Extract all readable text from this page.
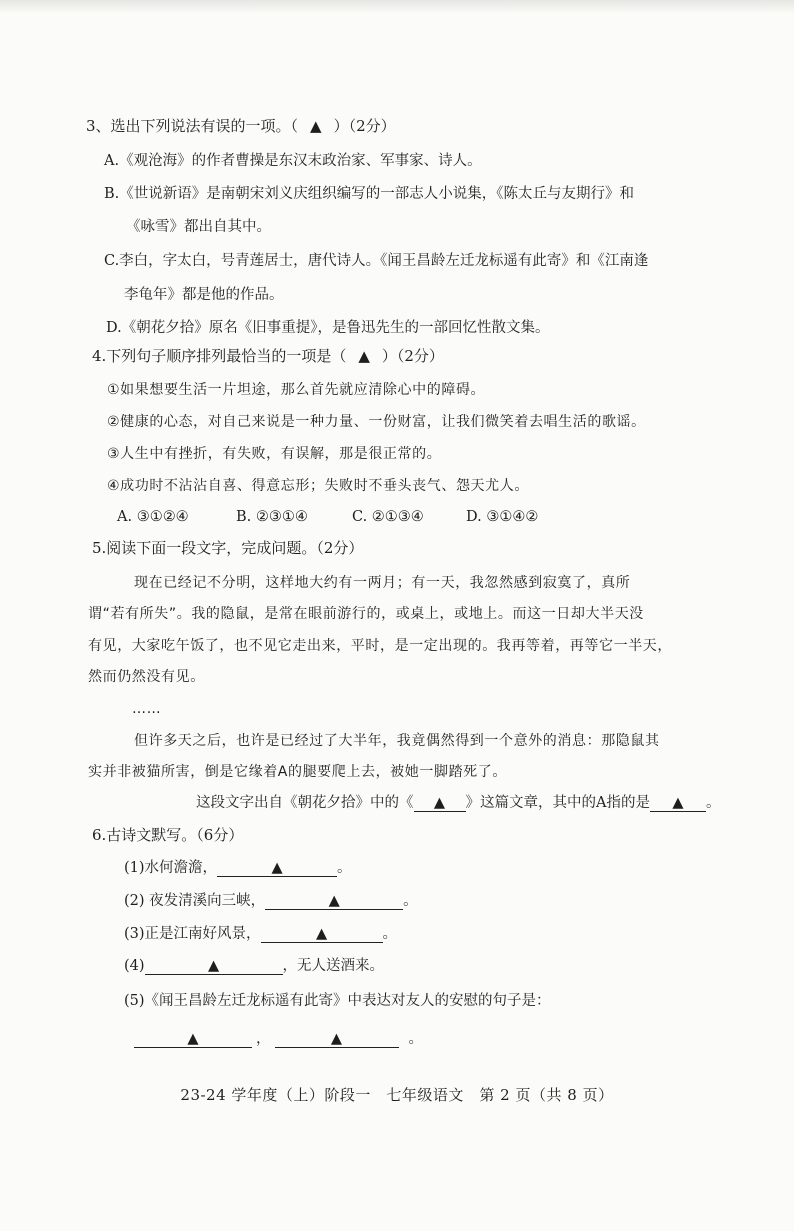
3、选出下列说法有误的一项。（ ▲ ）（2分）
A.《观沧海》的作者曹操是东汉末政治家、军事家、诗人。
B.《世说新语》是南朝宋刘义庆组织编写的一部志人小说集，《陈太丘与友期行》和
《咏雪》都出自其中。
C.李白，字太白，号青莲居士，唐代诗人。《闻王昌龄左迁龙标遥有此寄》和《江南逢
李龟年》都是他的作品。
D.《朝花夕拾》原名《旧事重提》，是鲁迅先生的一部回忆性散文集。
4.下列句子顺序排列最恰当的一项是（ ▲ ）（2分）
①如果想要生活一片坦途，那么首先就应清除心中的障碍。
②健康的心态，对自己来说是一种力量、一份财富，让我们微笑着去唱生活的歌谣。
③人生中有挫折，有失败，有误解，那是很正常的。
④成功时不沾沾自喜、得意忘形；失败时不垂头丧气、怨天尤人。
A. ③①②④	B. ②③①④	C. ②①③④	D. ③①④②
5.阅读下面一段文字，完成问题。（2分）
现在已经记不分明，这样地大约有一两月；有一天，我忽然感到寂寞了，真所
谓“若有所失”。我的隐鼠，是常在眼前游行的，或桌上，或地上。而这一日却大半天没
有见，大家吃午饭了，也不见它走出来，平时，是一定出现的。我再等着，再等它一半天，
然而仍然没有见。
……
但许多天之后，也许是已经过了大半年，我竟偶然得到一个意外的消息：那隐鼠其
实并非被猫所害，倒是它缘着A的腿要爬上去，被她一脚踏死了。
这段文字出自《朝花夕拾》中的《 ▲ 》这篇文章，其中的A指的是 ▲ 。
6.古诗文默写。（6分）
(1)水何澹澹，	▲	。
(2) 夜发清溪向三峡，	▲	。
(3)正是江南好风景，	▲	。
(4)	▲	，无人送酒来。
(5)《闻王昌龄左迁龙标遥有此寄》中表达对友人的安慰的句子是：
▲	，	▲	。
23-24 学年度（上）阶段一　七年级语文　第 2 页（共 8 页）
